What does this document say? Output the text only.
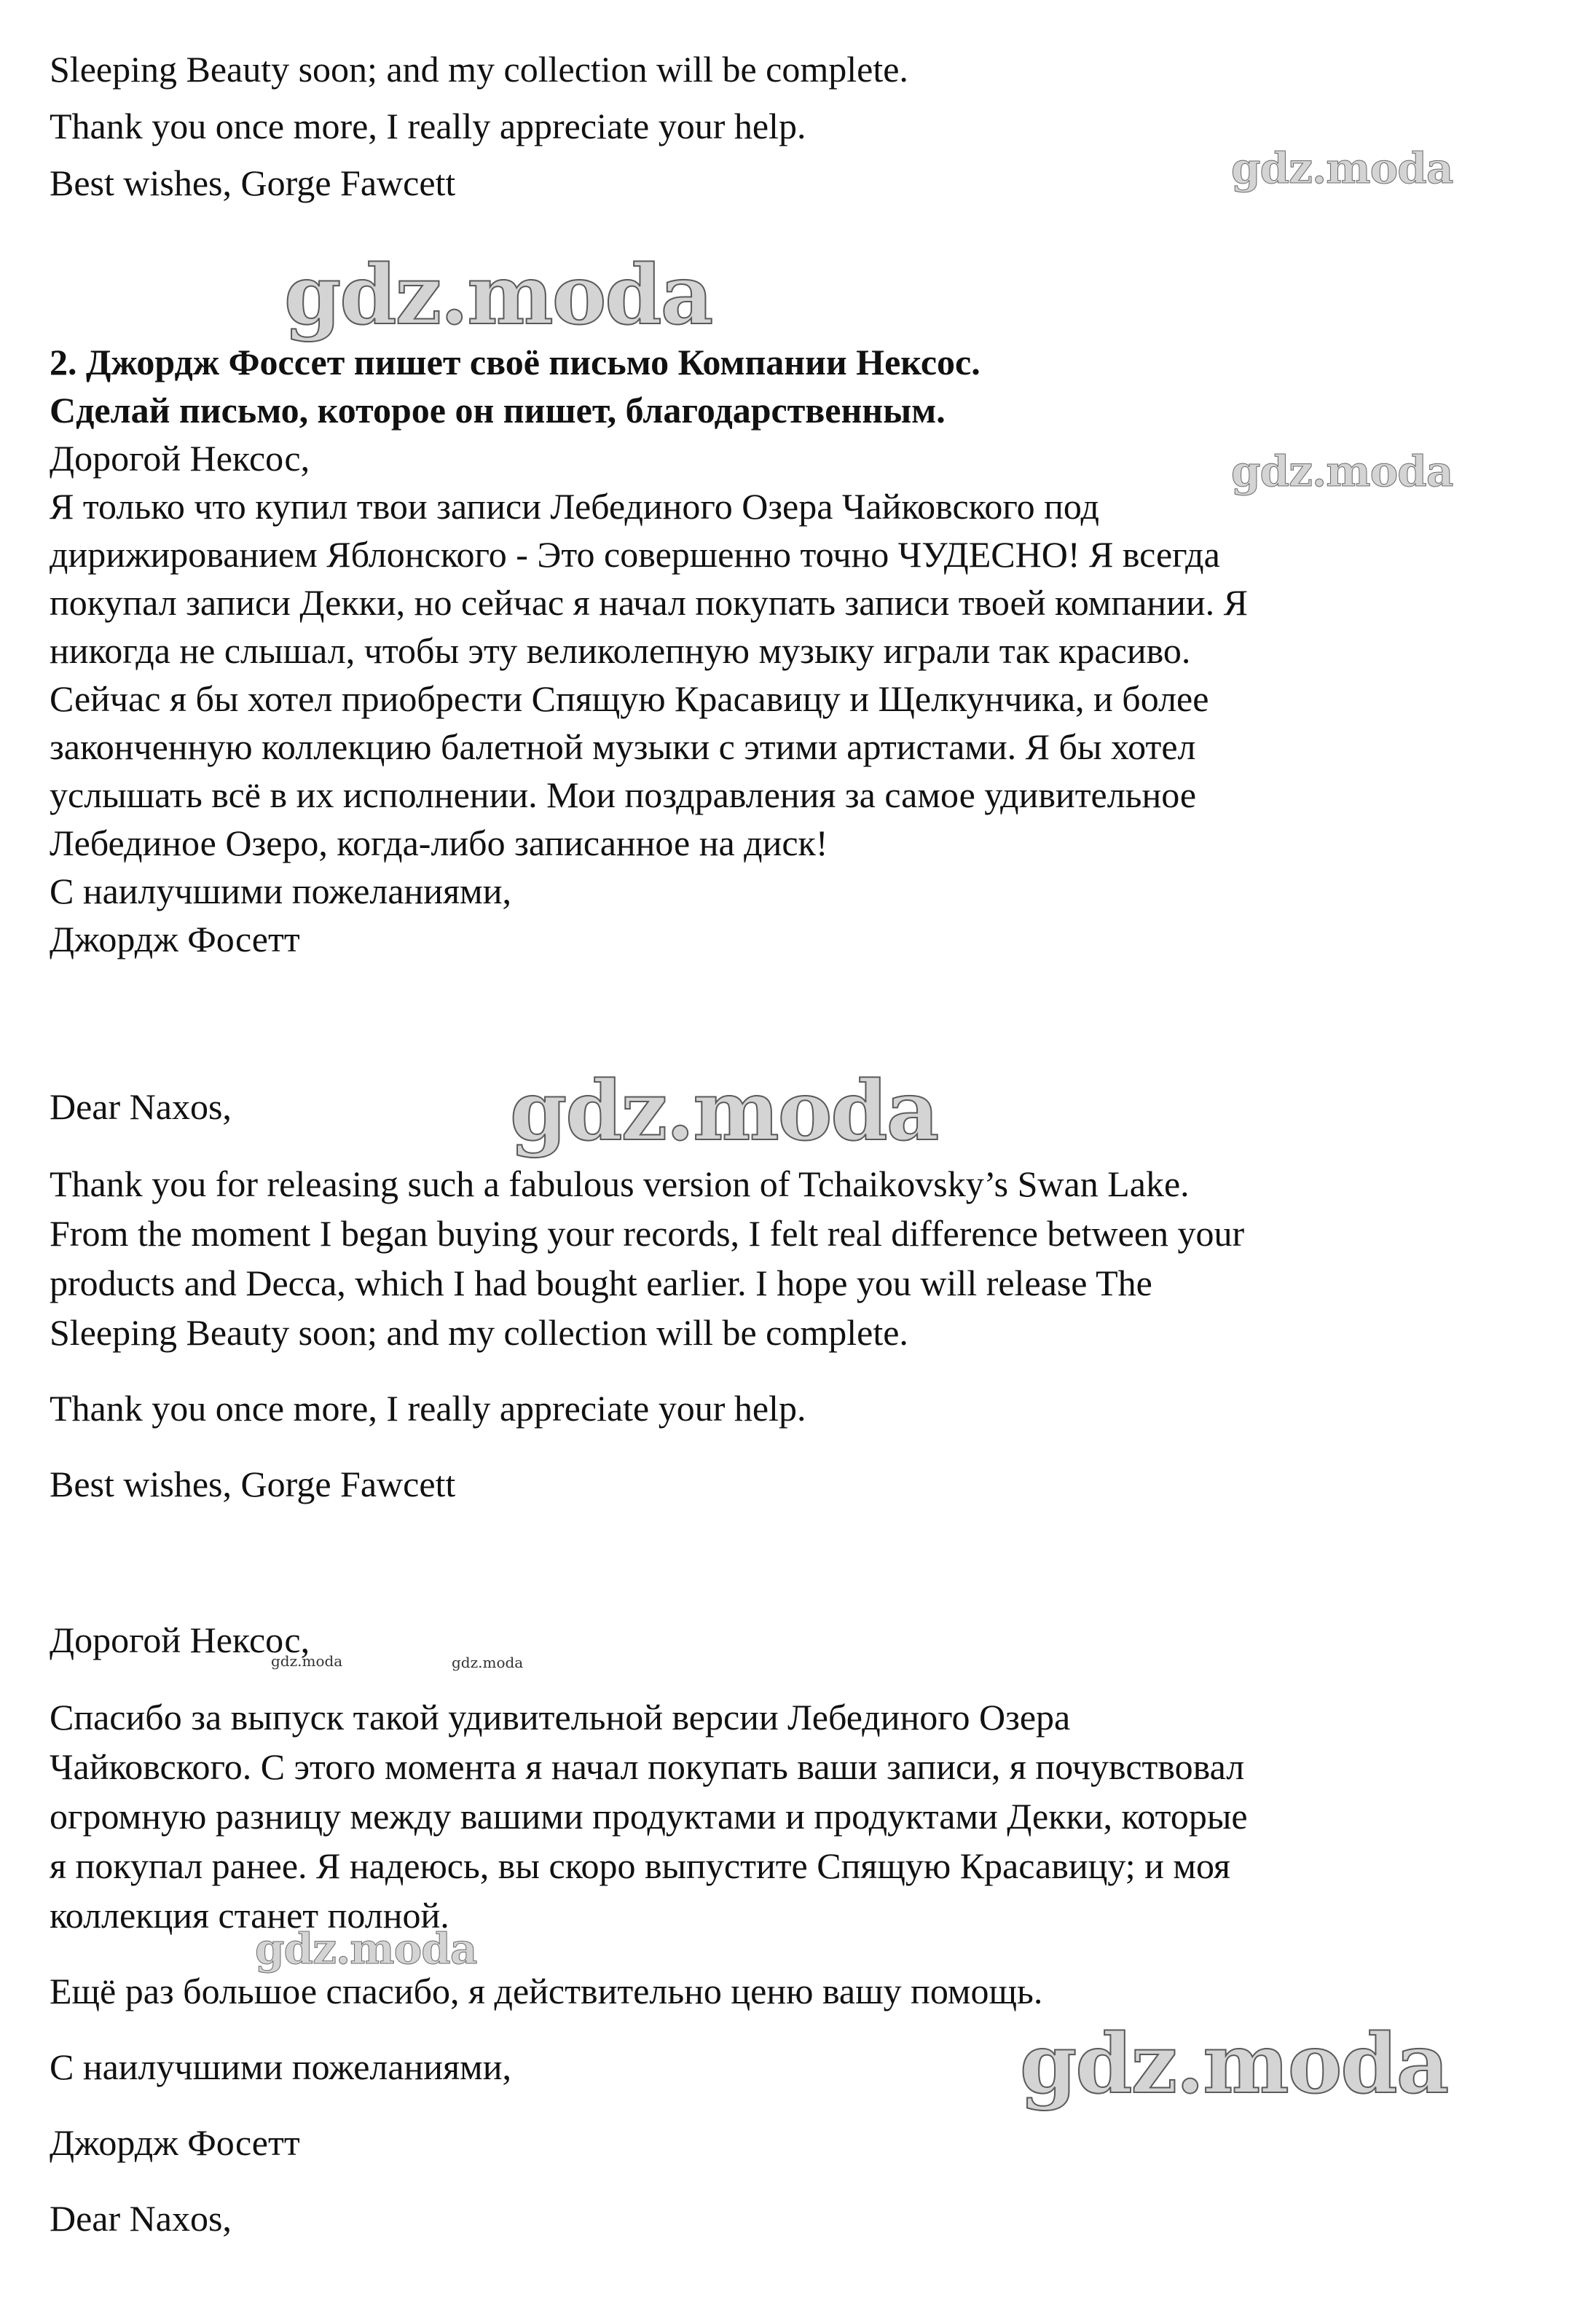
Sleeping Beauty soon; and my collection will be complete.

Thank you once more, I really appreciate your help.

Best wishes, Gorge Fawcett

2. Джордж Фоссет пишет своё письмо Компании Нексос.

Сделай письмо, которое он пишет, благодарственным.

Дорогой Нексос,

Я только что купил твои записи Лебединого Озера Чайковского под

дирижированием Яблонского - Это совершенно точно ЧУДЕСНО! Я всегда

покупал записи Декки, но сейчас я начал покупать записи твоей компании. Я

никогда не слышал, чтобы эту великолепную музыку играли так красиво.

Сейчас я бы хотел приобрести Спящую Красавицу и Щелкунчика, и более

законченную коллекцию балетной музыки с этими артистами. Я бы хотел

услышать всё в их исполнении. Мои поздравления за самое удивительное

Лебединое Озеро, когда-либо записанное на диск!

С наилучшими пожеланиями,

Джордж Фосетт

Dear Naxos,

Thank you for releasing such a fabulous version of Tchaikovsky’s Swan Lake.

From the moment I began buying your records, I felt real difference between your

products and Decca, which I had bought earlier. I hope you will release The

Sleeping Beauty soon; and my collection will be complete.

Thank you once more, I really appreciate your help.

Best wishes, Gorge Fawcett

Дорогой Нексос,

Спасибо за выпуск такой удивительной версии Лебединого Озера

Чайковского. С этого момента я начал покупать ваши записи, я почувствовал

огромную разницу между вашими продуктами и продуктами Декки, которые

я покупал ранее. Я надеюсь, вы скоро выпустите Спящую Красавицу; и моя

коллекция станет полной.

Ещё раз большое спасибо, я действительно ценю вашу помощь.

С наилучшими пожеланиями,

Джордж Фосетт

Dear Naxos,

gdz.moda
gdz.moda
gdz.moda
gdz.moda
gdz.moda	gdz.moda
gdz.moda
gdz.moda
